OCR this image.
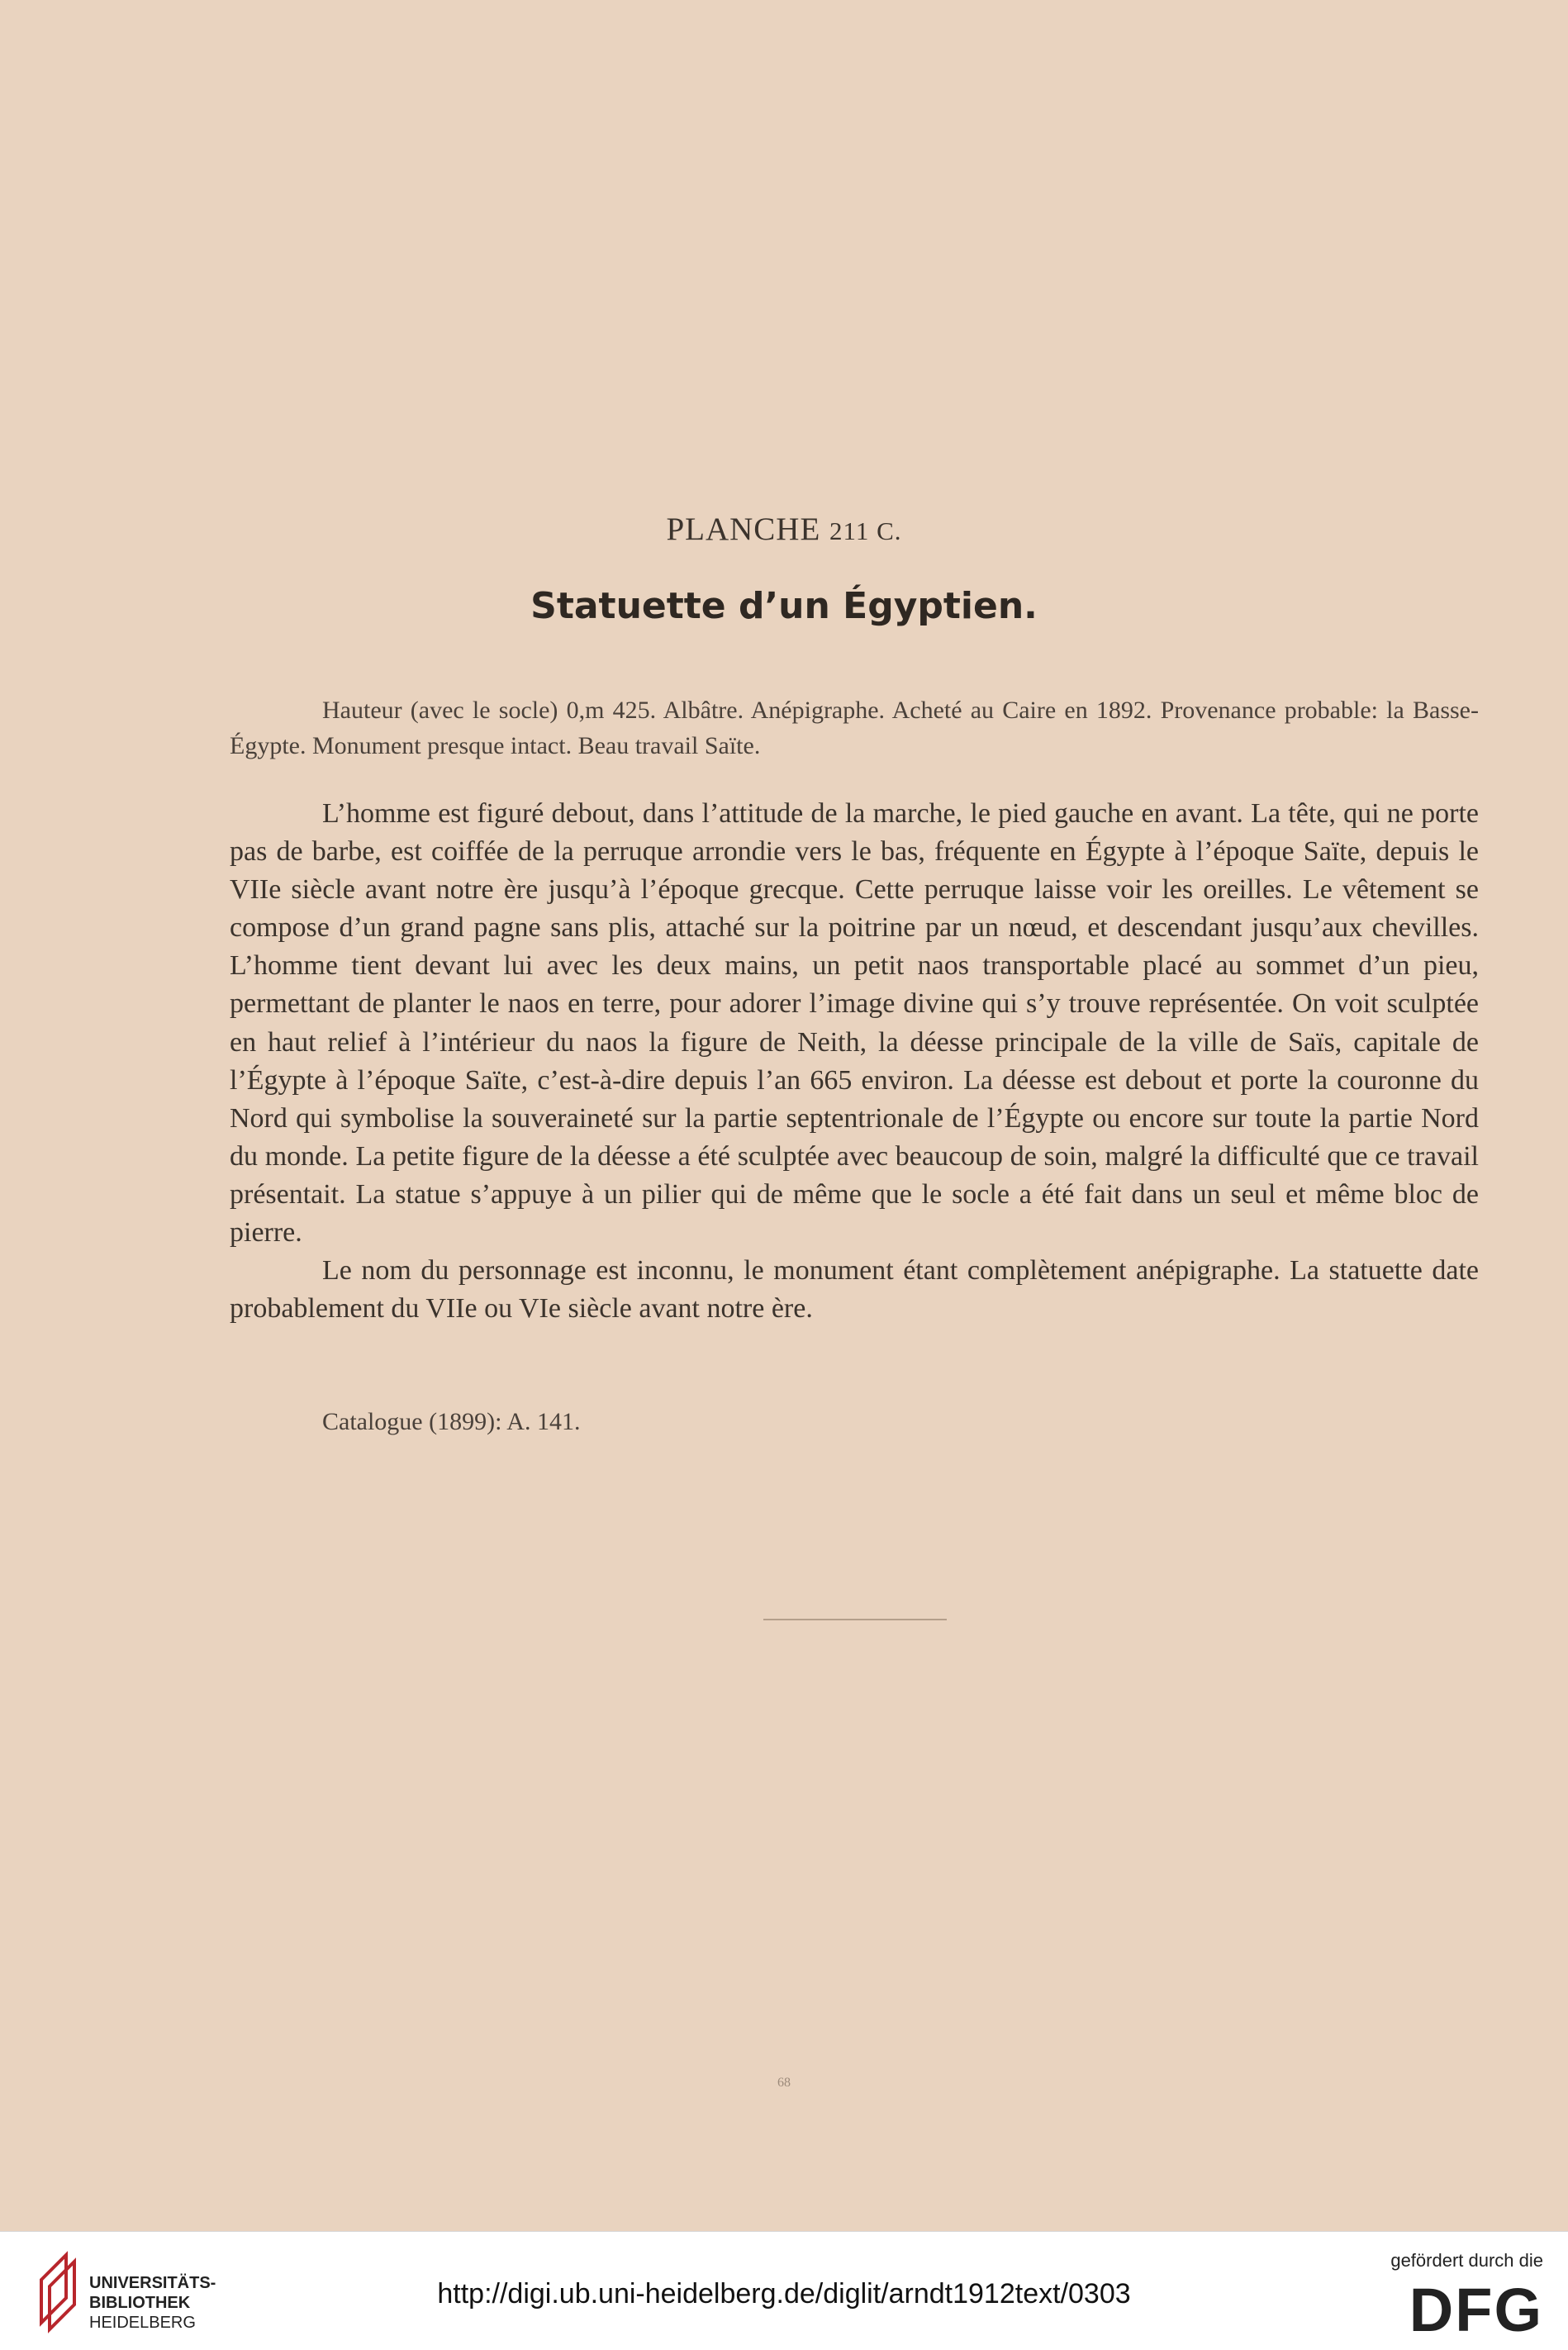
PLANCHE 211 C.
Statuette d’un Égyptien.
Hauteur (avec le socle) 0,m 425. Albâtre. Anépigraphe. Acheté au Caire en 1892. Provenance probable: la Basse-Égypte. Monument presque intact. Beau travail Saïte.

L’homme est figuré debout, dans l’attitude de la marche, le pied gauche en avant. La tête, qui ne porte pas de barbe, est coiffée de la perruque arrondie vers le bas, fréquente en Égypte à l’époque Saïte, depuis le VIIe siècle avant notre ère jusqu’à l’époque grecque. Cette perruque laisse voir les oreilles. Le vêtement se compose d’un grand pagne sans plis, attaché sur la poitrine par un nœud, et descendant jusqu’aux chevilles. L’homme tient devant lui avec les deux mains, un petit naos transportable placé au sommet d’un pieu, permettant de planter le naos en terre, pour adorer l’image divine qui s’y trouve représentée. On voit sculptée en haut relief à l’intérieur du naos la figure de Neith, la déesse principale de la ville de Saïs, capitale de l’Égypte à l’époque Saïte, c’est-à-dire depuis l’an 665 environ. La déesse est debout et porte la couronne du Nord qui symbolise la souveraineté sur la partie septentrionale de l’Égypte ou encore sur toute la partie Nord du monde. La petite figure de la déesse a été sculptée avec beaucoup de soin, malgré la difficulté que ce travail présentait. La statue s’appuye à un pilier qui de même que le socle a été fait dans un seul et même bloc de pierre.

Le nom du personnage est inconnu, le monument étant complètement anépigraphe. La statuette date probablement du VIIe ou VIe siècle avant notre ère.

Catalogue (1899): A. 141.
68
UNIVERSITÄTS-
BIBLIOTHEK
HEIDELBERG
http://digi.ub.uni-heidelberg.de/diglit/arndt1912text/0303
gefördert durch die
DFG
